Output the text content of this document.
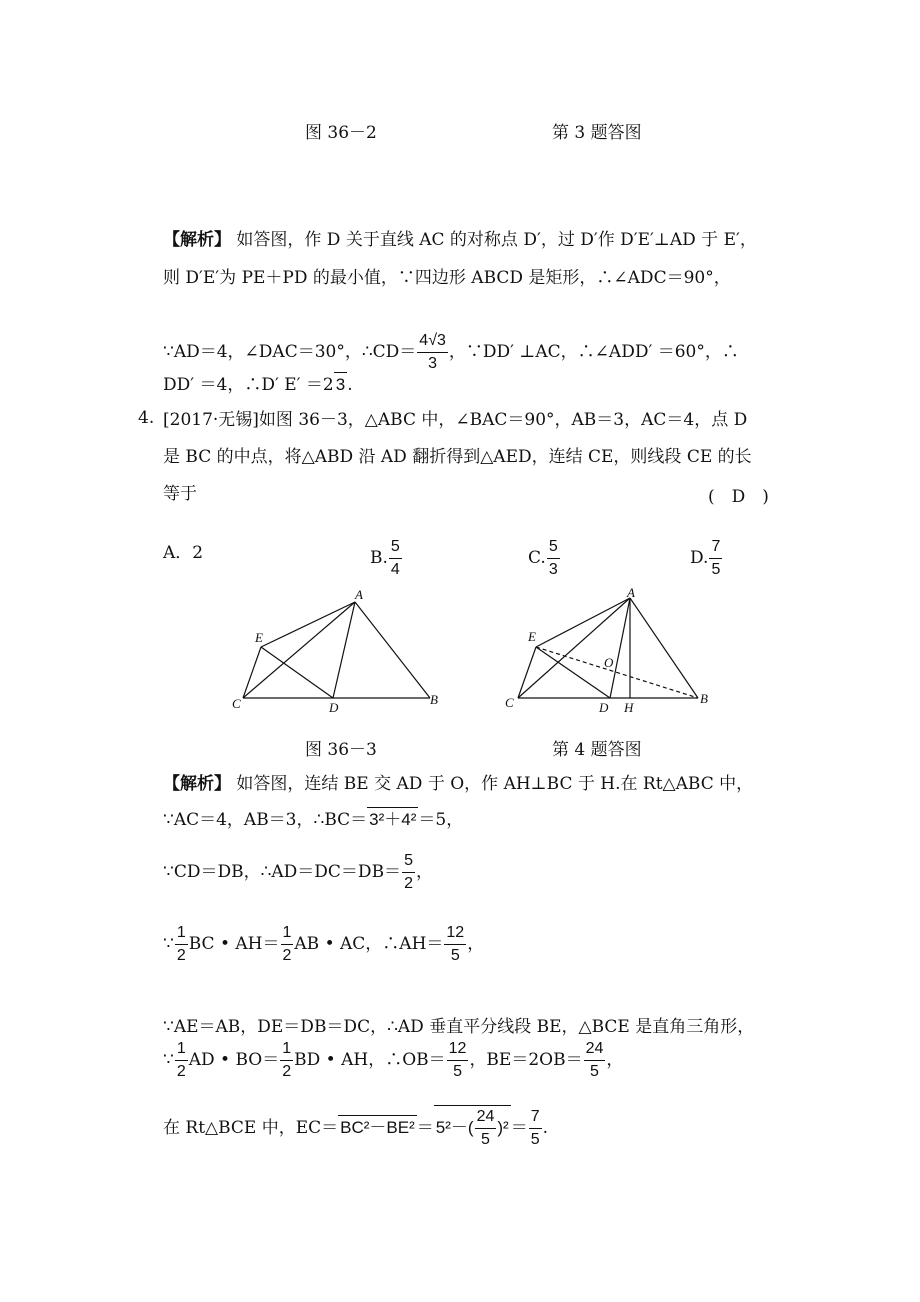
图 36－2	第 3 题答图
【解析】 如答图，作 D 关于直线 AC 的对称点 D′，过 D′作 D′E′⊥AD 于 E′，
则 D′E′为 PE＋PD 的最小值，∵四边形 ABCD 是矩形，∴∠ADC＝90°，
∵AD＝4，∠DAC＝30°，∴CD＝ $\frac{4√3}{3}$ ，∵DD′ ⊥AC，∴∠ADD′ ＝60°，∴
DD′ ＝4，∴D′ E′ ＝2 3 .
4. [2017·无锡]如图 36－3，△ABC 中，∠BAC＝90°，AB＝3，AC＝4，点 D
是 BC 的中点，将△ABD 沿 AD 翻折得到△AED，连结 CE，则线段 CE 的长
等于	(　D　)
A．2	B. $\frac{5}{4}$	C. $\frac{5}{3}$	D. $\frac{7}{5}$
A
E
C	D
B
A
E
O
C	D H
B
图 36－3	第 4 题答图
【解析】 如答图，连结 BE 交 AD 于 O，作 AH⊥BC 于 H.在 Rt△ABC 中，
∵AC＝4，AB＝3，∴BC＝ 3²＋4² ＝5，
∵CD＝DB，∴AD＝DC＝DB＝ $\frac{5}{2}$ ，
∵ $\frac{1}{2}$ BC • $AH= \frac{1}{2}$ AB • AC，∴AH＝ $\frac{12}{5}$ ，
∵AE＝AB，DE＝DB＝DC，∴AD 垂直平分线段 BE，△BCE 是直角三角形，
∵ $\frac{1}{2}$ AD • $BO= \frac{1}{2}$ BD • AH，∴OB＝ $\frac{12}{5}$ ，$BE=2OB= \frac{24}{5}$ ，
在 Rt△BCE 中，$EC= BC^2-BE^2 = 5^2-( \frac{24}{5} )^2 = \frac{7}{5}$ .
